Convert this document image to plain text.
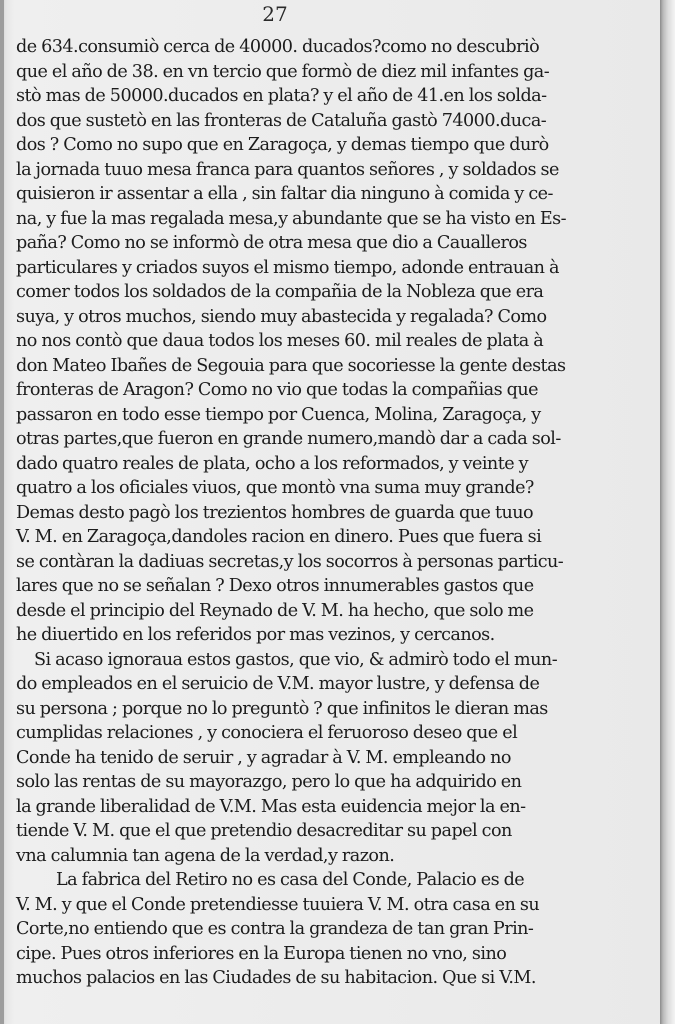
27
de 634.consumiò cerca de 40000. ducados?como no descubriò
que el año de 38. en vn tercio que formò de diez mil infantes ga-
stò mas de 50000.ducados en plata? y el año de 41.en los solda-
dos que sustetò en las fronteras de Cataluña gastò 74000.duca-
dos ? Como no supo que en Zaragoça, y demas tiempo que durò
la jornada tuuo mesa franca para quantos señores , y soldados se
quisieron ir assentar a ella , sin faltar dia ninguno à comida y ce-
na, y fue la mas regalada mesa,y abundante que se ha visto en Es-
paña? Como no se informò de otra mesa que dio a Caualleros
particulares y criados suyos el mismo tiempo, adonde entrauan à
comer todos los soldados de la compañia de la Nobleza que era
suya, y otros muchos, siendo muy abastecida y regalada? Como
no nos contò que daua todos los meses 60. mil reales de plata à
don Mateo Ibañes de Segouia para que socoriesse la gente destas
fronteras de Aragon? Como no vio que todas la compañias que
passaron en todo esse tiempo por Cuenca, Molina, Zaragoça, y
otras partes,que fueron en grande numero,mandò dar a cada sol-
dado quatro reales de plata, ocho a los reformados, y veinte y
quatro a los oficiales viuos, que montò vna suma muy grande?
Demas desto pagò los trezientos hombres de guarda que tuuo
V. M. en Zaragoça,dandoles racion en dinero. Pues que fuera si
se contàran la dadiuas secretas,y los socorros à personas particu-
lares que no se señalan ? Dexo otros innumerables gastos que
desde el principio del Reynado de V. M. ha hecho, que solo me
he diuertido en los referidos por mas vezinos, y cercanos.
Si acaso ignoraua estos gastos, que vio, & admirò todo el mun-
do empleados en el seruicio de V.M. mayor lustre, y defensa de
su persona ; porque no lo preguntò ? que infinitos le dieran mas
cumplidas relaciones , y conociera el feruoroso deseo que el
Conde ha tenido de seruir , y agradar à V. M. empleando no
solo las rentas de su mayorazgo, pero lo que ha adquirido en
la grande liberalidad de V.M. Mas esta euidencia mejor la en-
tiende V. M. que el que pretendio desacreditar su papel con
vna calumnia tan agena de la verdad,y razon.
La fabrica del Retiro no es casa del Conde, Palacio es de
V. M. y que el Conde pretendiesse tuuiera V. M. otra casa en su
Corte,no entiendo que es contra la grandeza de tan gran Prin-
cipe. Pues otros inferiores en la Europa tienen no vno, sino
muchos palacios en las Ciudades de su habitacion. Que si V.M.
